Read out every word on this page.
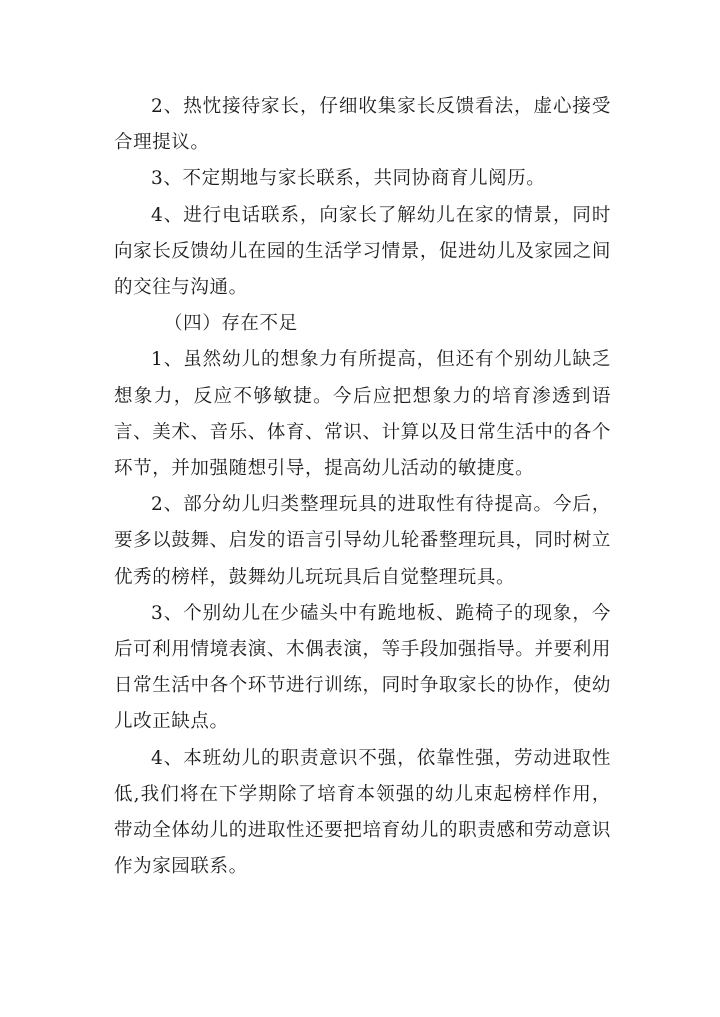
2、热忱接待家长，仔细收集家长反馈看法，虚心接受合理提议。

3、不定期地与家长联系，共同协商育儿阅历。

4、进行电话联系，向家长了解幼儿在家的情景，同时向家长反馈幼儿在园的生活学习情景，促进幼儿及家园之间的交往与沟通。

（四）存在不足

1、虽然幼儿的想象力有所提高，但还有个别幼儿缺乏想象力，反应不够敏捷。今后应把想象力的培育渗透到语言、美术、音乐、体育、常识、计算以及日常生活中的各个环节，并加强随想引导，提高幼儿活动的敏捷度。

2、部分幼儿归类整理玩具的进取性有待提高。今后，要多以鼓舞、启发的语言引导幼儿轮番整理玩具，同时树立优秀的榜样，鼓舞幼儿玩玩具后自觉整理玩具。

3、个别幼儿在少磕头中有跪地板、跪椅子的现象，今后可利用情境表演、木偶表演，等手段加强指导。并要利用日常生活中各个环节进行训练，同时争取家长的协作，使幼儿改正缺点。

4、本班幼儿的职责意识不强，依靠性强，劳动进取性低,我们将在下学期除了培育本领强的幼儿束起榜样作用，带动全体幼儿的进取性还要把培育幼儿的职责感和劳动意识作为家园联系。
